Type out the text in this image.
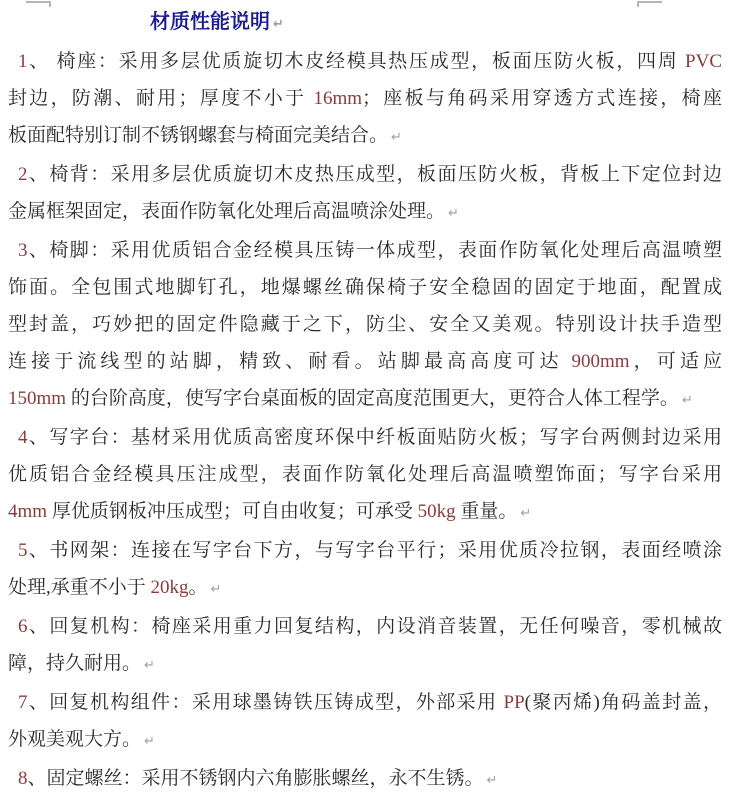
材质性能说明 ↵
1、 椅座：采用多层优质旋切木皮经模具热压成型，板面压防火板，四周 PVC
封边，防潮、耐用；厚度不小于 16mm；座板与角码采用穿透方式连接，椅座
板面配特别订制不锈钢螺套与椅面完美结合。 ↵
2、椅背：采用多层优质旋切木皮热压成型，板面压防火板，背板上下定位封边
金属框架固定，表面作防氧化处理后高温喷涂处理。 ↵
3、椅脚：采用优质铝合金经模具压铸一体成型，表面作防氧化处理后高温喷塑
饰面。全包围式地脚钉孔，地爆螺丝确保椅子安全稳固的固定于地面，配置成
型封盖，巧妙把的固定件隐藏于之下，防尘、安全又美观。特别设计扶手造型
连接于流线型的站脚，精致、耐看。站脚最高高度可达 900mm，可适应
150mm 的台阶高度，使写字台桌面板的固定高度范围更大，更符合人体工程学。 ↵
4、写字台：基材采用优质高密度环保中纤板面贴防火板；写字台两侧封边采用
优质铝合金经模具压注成型，表面作防氧化处理后高温喷塑饰面；写字台采用
4mm 厚优质钢板冲压成型；可自由收复；可承受 50kg 重量。 ↵
5、书网架：连接在写字台下方，与写字台平行；采用优质冷拉钢，表面经喷涂
处理,承重不小于 20kg。 ↵
6、回复机构：椅座采用重力回复结构，内设消音装置，无任何噪音，零机械故
障，持久耐用。 ↵
7、回复机构组件：采用球墨铸铁压铸成型，外部采用 PP(聚丙烯)角码盖封盖，
外观美观大方。 ↵
8、固定螺丝：采用不锈钢内六角膨胀螺丝，永不生锈。 ↵
